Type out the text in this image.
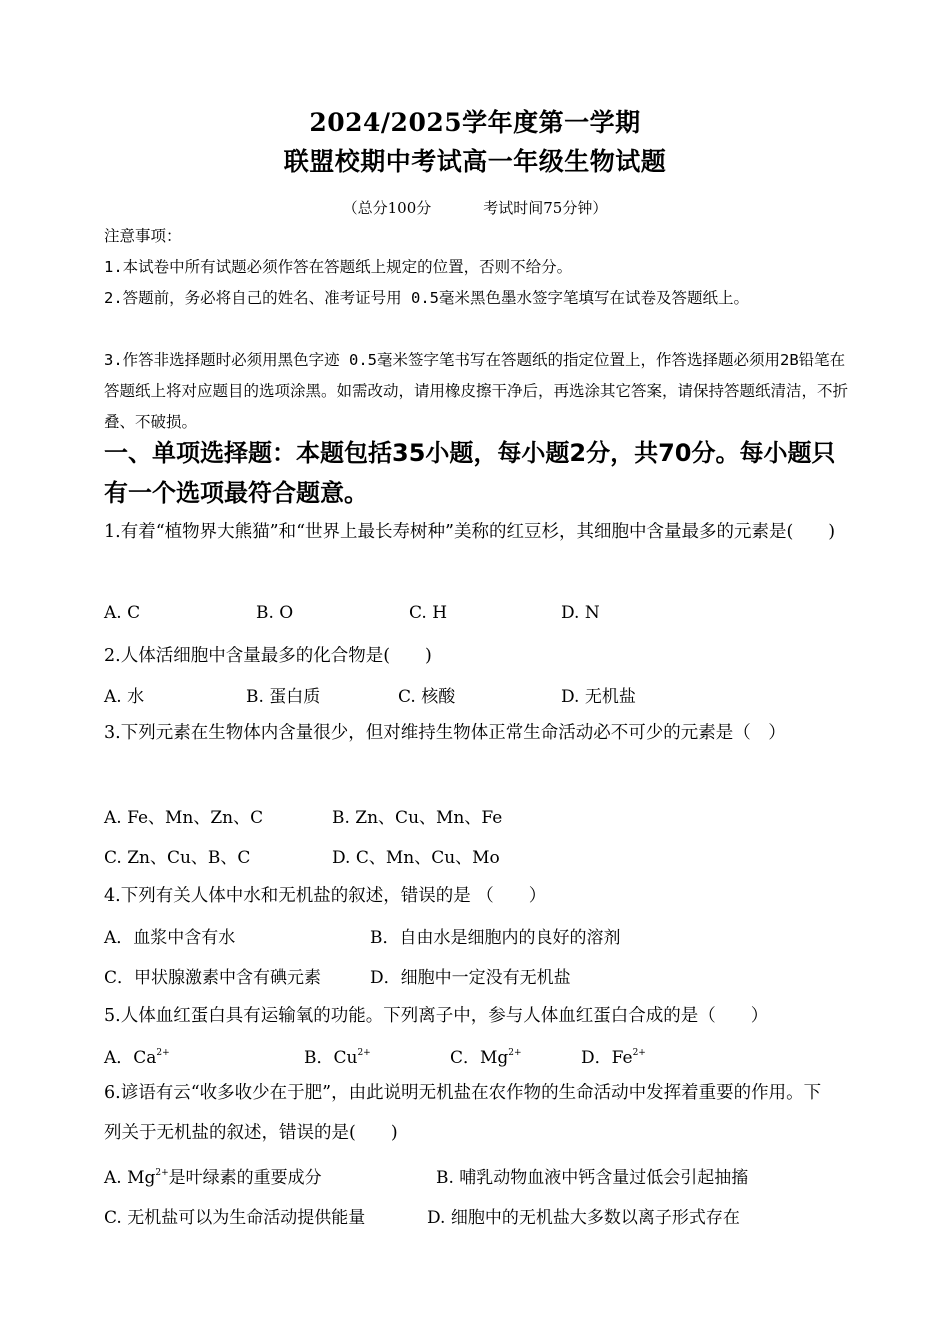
2024/2025学年度第一学期
联盟校期中考试高一年级生物试题
（总分100分	考试时间75分钟）
注意事项：
1.本试卷中所有试题必须作答在答题纸上规定的位置，否则不给分。
2.答题前，务必将自己的姓名、准考证号用 0.5毫米黑色墨水签字笔填写在试卷及答题纸上。
3.作答非选择题时必须用黑色字迹 0.5毫米签字笔书写在答题纸的指定位置上，作答选择题必须用2B铅笔在答题纸上将对应题目的选项涂黑。如需改动，请用橡皮擦干净后，再选涂其它答案，请保持答题纸清洁，不折叠、不破损。
一、单项选择题：本题包括35小题，每小题2分，共70分。每小题只有一个选项最符合题意。
1.有着“植物界大熊猫”和“世界上最长寿树种”美称的红豆杉，其细胞中含量最多的元素是(　　)
A. C	B. O	C. H	D. N
2.人体活细胞中含量最多的化合物是(　　)
A. 水	B. 蛋白质	C. 核酸	D. 无机盐
3.下列元素在生物体内含量很少，但对维持生物体正常生命活动必不可少的元素是（　）
A. Fe、Mn、Zn、C	B. Zn、Cu、Mn、Fe
C. Zn、Cu、B、C	D. C、Mn、Cu、Mo
4.下列有关人体中水和无机盐的叙述，错误的是 （　　）
A．血浆中含有水	B．自由水是细胞内的良好的溶剂
C．甲状腺激素中含有碘元素	D．细胞中一定没有无机盐
5.人体血红蛋白具有运输氧的功能。下列离子中，参与人体血红蛋白合成的是（　　）
A．$Ca^{2+}$	B．$Cu^{2+}$	C．$Mg^{2+}$	D．$Fe^{2+}$
6.谚语有云“收多收少在于肥”，由此说明无机盐在农作物的生命活动中发挥着重要的作用。下列关于无机盐的叙述，错误的是(　　)
A. $Mg^{2+}$是叶绿素的重要成分	B. 哺乳动物血液中钙含量过低会引起抽搐
C. 无机盐可以为生命活动提供能量	D. 细胞中的无机盐大多数以离子形式存在
